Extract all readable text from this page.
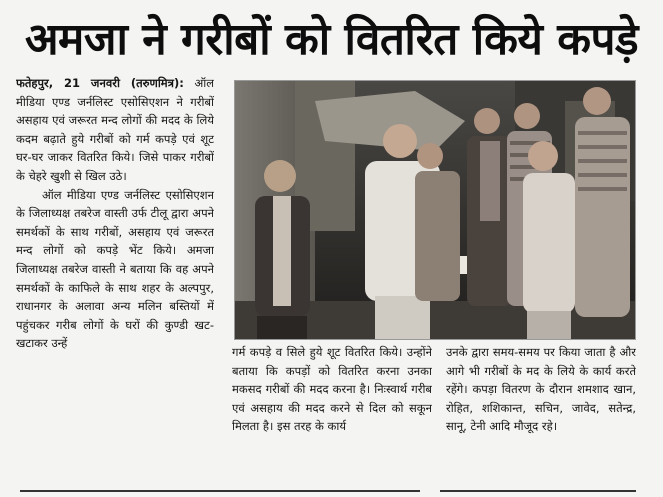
अमजा ने गरीबों को वितरित किये कपड़े

फतेहपुर, 21 जनवरी (तरुणमित्र): ऑल मीडिया एण्ड जर्नलिस्ट एसोसिएशन ने गरीबों असहाय एवं जरूरत मन्द लोगों की मदद के लिये कदम बढ़ाते हुये गरीबों को गर्म कपड़े एवं शूट घर-घर जाकर वितरित किये। जिसे पाकर गरीबों के चेहरे खुशी से खिल उठे।

ऑल मीडिया एण्ड जर्नलिस्ट एसोसिएशन के जिलाध्यक्ष तबरेज वास्ती उर्फ टीलू द्वारा अपने समर्थकों के साथ गरीबों, असहाय एवं जरूरत मन्द लोगों को कपड़े भेंट किये। अमजा जिलाध्यक्ष तबरेज वास्ती ने बताया कि वह अपने समर्थकों के काफिले के साथ शहर के अल्पपुर, राधानगर के अलावा अन्य मलिन बस्तियों में पहुंचकर गरीब लोगों के घरों की कुण्डी खट-खटाकर उन्हें

गर्म कपड़े व सिले हुये शूट वितरित किये। उन्होंने बताया कि कपड़ों को वितरित करना उनका मकसद गरीबों की मदद करना है। निःस्वार्थ गरीब एवं असहाय की मदद करने से दिल को सकून मिलता है। इस तरह के कार्य

उनके द्वारा समय-समय पर किया जाता है और आगे भी गरीबों के मद के लिये के कार्य करते रहेंगे। कपड़ा वितरण के दौरान शमशाद खान, रोहित, शशिकान्त, सचिन, जावेद, सतेन्द्र, सानू, टेनी आदि मौजूद रहे।
